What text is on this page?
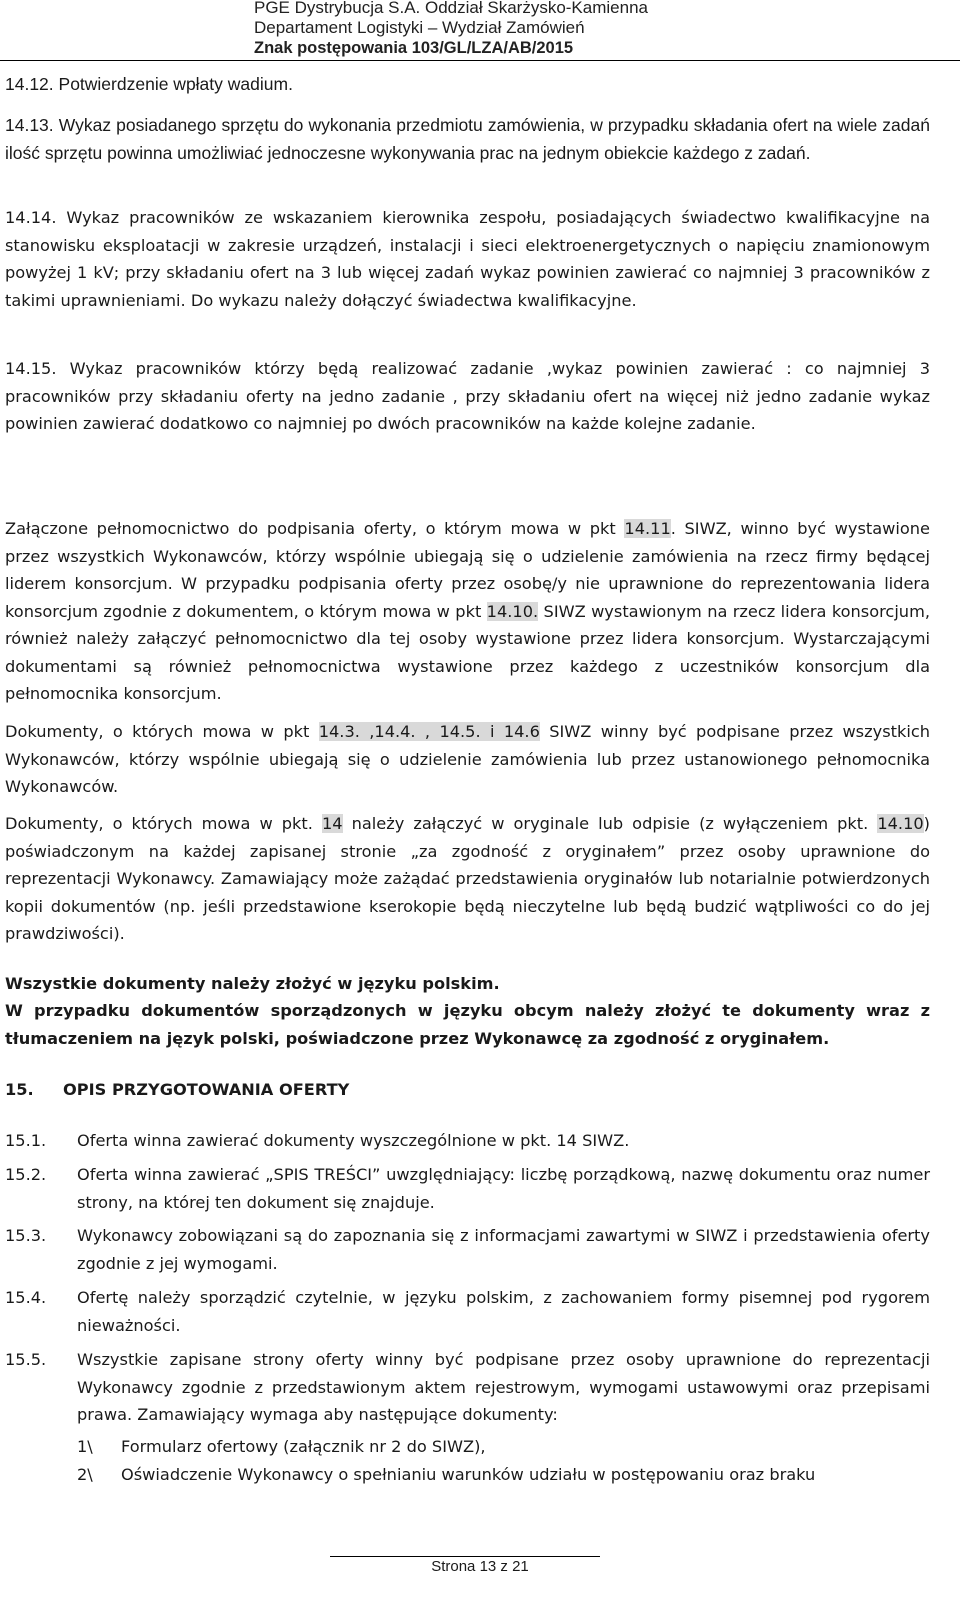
PGE Dystrybucja S.A. Oddział Skarżysko-Kamienna
Departament Logistyki – Wydział Zamówień
Znak postępowania 103/GL/LZA/AB/2015

14.12. Potwierdzenie wpłaty wadium.

14.13. Wykaz posiadanego sprzętu do wykonania przedmiotu zamówienia, w przypadku składania ofert na wiele zadań ilość sprzętu powinna umożliwiać jednoczesne wykonywania prac na jednym obiekcie każdego z zadań.

14.14. Wykaz pracowników ze wskazaniem kierownika zespołu, posiadających świadectwo kwalifikacyjne na stanowisku eksploatacji w zakresie urządzeń, instalacji i sieci elektroenergetycznych o napięciu znamionowym powyżej 1 kV; przy składaniu ofert na 3 lub więcej zadań wykaz powinien zawierać co najmniej 3 pracowników z takimi uprawnieniami. Do wykazu należy dołączyć świadectwa kwalifikacyjne.

14.15. Wykaz pracowników którzy będą realizować zadanie ,wykaz powinien zawierać : co najmniej 3 pracowników przy składaniu oferty na jedno zadanie , przy składaniu ofert na więcej niż jedno zadanie wykaz powinien zawierać dodatkowo co najmniej po dwóch pracowników na każde kolejne zadanie.

Załączone pełnomocnictwo do podpisania oferty, o którym mowa w pkt 14.11. SIWZ, winno być wystawione przez wszystkich Wykonawców, którzy wspólnie ubiegają się o udzielenie zamówienia na rzecz firmy będącej liderem konsorcjum. W przypadku podpisania oferty przez osobę/y nie uprawnione do reprezentowania lidera konsorcjum zgodnie z dokumentem, o którym mowa w pkt 14.10. SIWZ wystawionym na rzecz lidera konsorcjum, również należy załączyć pełnomocnictwo dla tej osoby wystawione przez lidera konsorcjum. Wystarczającymi dokumentami są również pełnomocnictwa wystawione przez każdego z uczestników konsorcjum dla pełnomocnika konsorcjum.

Dokumenty, o których mowa w pkt 14.3. ,14.4. , 14.5. i 14.6 SIWZ winny być podpisane przez wszystkich Wykonawców, którzy wspólnie ubiegają się o udzielenie zamówienia lub przez ustanowionego pełnomocnika Wykonawców.

Dokumenty, o których mowa w pkt. 14 należy załączyć w oryginale lub odpisie (z wyłączeniem pkt. 14.10) poświadczonym na każdej zapisanej stronie „za zgodność z oryginałem” przez osoby uprawnione do reprezentacji Wykonawcy. Zamawiający może zażądać przedstawienia oryginałów lub notarialnie potwierdzonych kopii dokumentów (np. jeśli przedstawione kserokopie będą nieczytelne lub będą budzić wątpliwości co do jej prawdziwości).

Wszystkie dokumenty należy złożyć w języku polskim.

W przypadku dokumentów sporządzonych w języku obcym należy złożyć te dokumenty wraz z tłumaczeniem na język polski, poświadczone przez Wykonawcę za zgodność z oryginałem.

15. OPIS PRZYGOTOWANIA OFERTY
15.1. Oferta winna zawierać dokumenty wyszczególnione w pkt. 14 SIWZ.
15.2. Oferta winna zawierać „SPIS TREŚCI” uwzględniający: liczbę porządkową, nazwę dokumentu oraz numer strony, na której ten dokument się znajduje.
15.3. Wykonawcy zobowiązani są do zapoznania się z informacjami zawartymi w SIWZ i przedstawienia oferty zgodnie z jej wymogami.
15.4. Ofertę należy sporządzić czytelnie, w języku polskim, z zachowaniem formy pisemnej pod rygorem nieważności.
15.5. Wszystkie zapisane strony oferty winny być podpisane przez osoby uprawnione do reprezentacji Wykonawcy zgodnie z przedstawionym aktem rejestrowym, wymogami ustawowymi oraz przepisami prawa. Zamawiający wymaga aby następujące dokumenty:
1\ Formularz ofertowy (załącznik nr 2 do SIWZ),
2\ Oświadczenie Wykonawcy o spełnianiu warunków udziału w postępowaniu oraz braku
Strona 13 z 21
